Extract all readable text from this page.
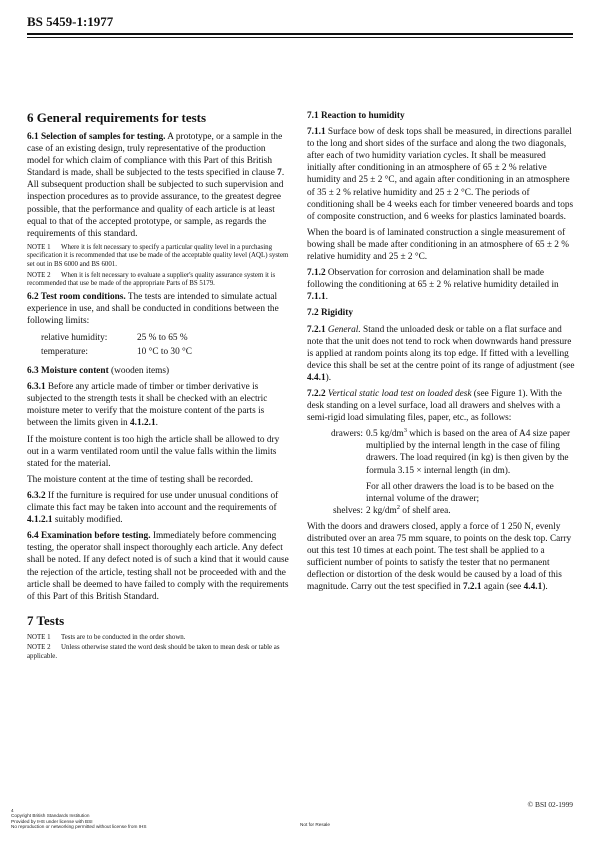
BS 5459-1:1977
6 General requirements for tests

6.1 Selection of samples for testing. A prototype, or a sample in the case of an existing design, truly representative of the production model for which claim of compliance with this Part of this British Standard is made, shall be subjected to the tests specified in clause 7. All subsequent production shall be subjected to such supervision and inspection procedures as to provide assurance, to the greatest degree possible, that the performance and quality of each article is at least equal to that of the accepted prototype, or sample, as regards the requirements of this standard.

NOTE 1 Where it is felt necessary to specify a particular quality level in a purchasing specification it is recommended that use be made of the acceptable quality level (AQL) system set out in BS 6000 and BS 6001.
NOTE 2 When it is felt necessary to evaluate a supplier's quality assurance system it is recommended that use be made of the appropriate Parts of BS 5179.

6.2 Test room conditions. The tests are intended to simulate actual experience in use, and shall be conducted in conditions between the following limits:

relative humidity:	25 % to 65 %
temperature:	10 °C to 30 °C

6.3 Moisture content (wooden items)

6.3.1 Before any article made of timber or timber derivative is subjected to the strength tests it shall be checked with an electric moisture meter to verify that the moisture content of the parts is between the limits given in 4.1.2.1.

If the moisture content is too high the article shall be allowed to dry out in a warm ventilated room until the value falls within the limits stated for the material.

The moisture content at the time of testing shall be recorded.

6.3.2 If the furniture is required for use under unusual conditions of climate this fact may be taken into account and the requirements of 4.1.2.1 suitably modified.

6.4 Examination before testing. Immediately before commencing testing, the operator shall inspect thoroughly each article. Any defect shall be noted. If any defect noted is of such a kind that it would cause the rejection of the article, testing shall not be proceeded with and the article shall be deemed to have failed to comply with the requirements of this Part of this British Standard.

7 Tests
NOTE 1 Tests are to be conducted in the order shown.
NOTE 2 Unless otherwise stated the word desk should be taken to mean desk or table as applicable.

7.1 Reaction to humidity

7.1.1 Surface bow of desk tops shall be measured, in directions parallel to the long and short sides of the surface and along the two diagonals, after each of two humidity variation cycles. It shall be measured initially after conditioning in an atmosphere of 65 ± 2 % relative humidity and 25 ± 2 °C, and again after conditioning in an atmosphere of 35 ± 2 % relative humidity and 25 ± 2 °C. The periods of conditioning shall be 4 weeks each for timber veneered boards and tops of composite construction, and 6 weeks for plastics laminated boards.

When the board is of laminated construction a single measurement of bowing shall be made after conditioning in an atmosphere of 65 ± 2 % relative humidity and 25 ± 2 °C.

7.1.2 Observation for corrosion and delamination shall be made following the conditioning at 65 ± 2 % relative humidity detailed in 7.1.1.

7.2 Rigidity

7.2.1 General. Stand the unloaded desk or table on a flat surface and note that the unit does not tend to rock when downwards hand pressure is applied at random points along its top edge. If fitted with a levelling device this shall be set at the centre point of its range of adjustment (see 4.4.1).

7.2.2 Vertical static load test on loaded desk (see Figure 1). With the desk standing on a level surface, load all drawers and shelves with a semi-rigid load simulating files, paper, etc., as follows:

drawers: 0.5 $kg/dm^3$ which is based on the area of A4 size paper multiplied by the internal length in the case of filing drawers. The load required (in kg) is then given by the formula 3.15 × internal length (in dm).
For all other drawers the load is to be based on the internal volume of the drawer;
shelves: 2 $kg/dm^2$ of shelf area.

With the doors and drawers closed, apply a force of 1 250 N, evenly distributed over an area 75 mm square, to points on the desk top. Carry out this test 10 times at each point. The test shall be applied to a sufficient number of points to satisfy the tester that no permanent deflection or distortion of the desk would be caused by a load of this magnitude. Carry out the test specified in 7.2.1 again (see 4.4.1).

© BSI 02-1999
4
Copyright British Standards Institution
Provided by IHS under license with BSI
No reproduction or networking permitted without license from IHS	Not for Resale
